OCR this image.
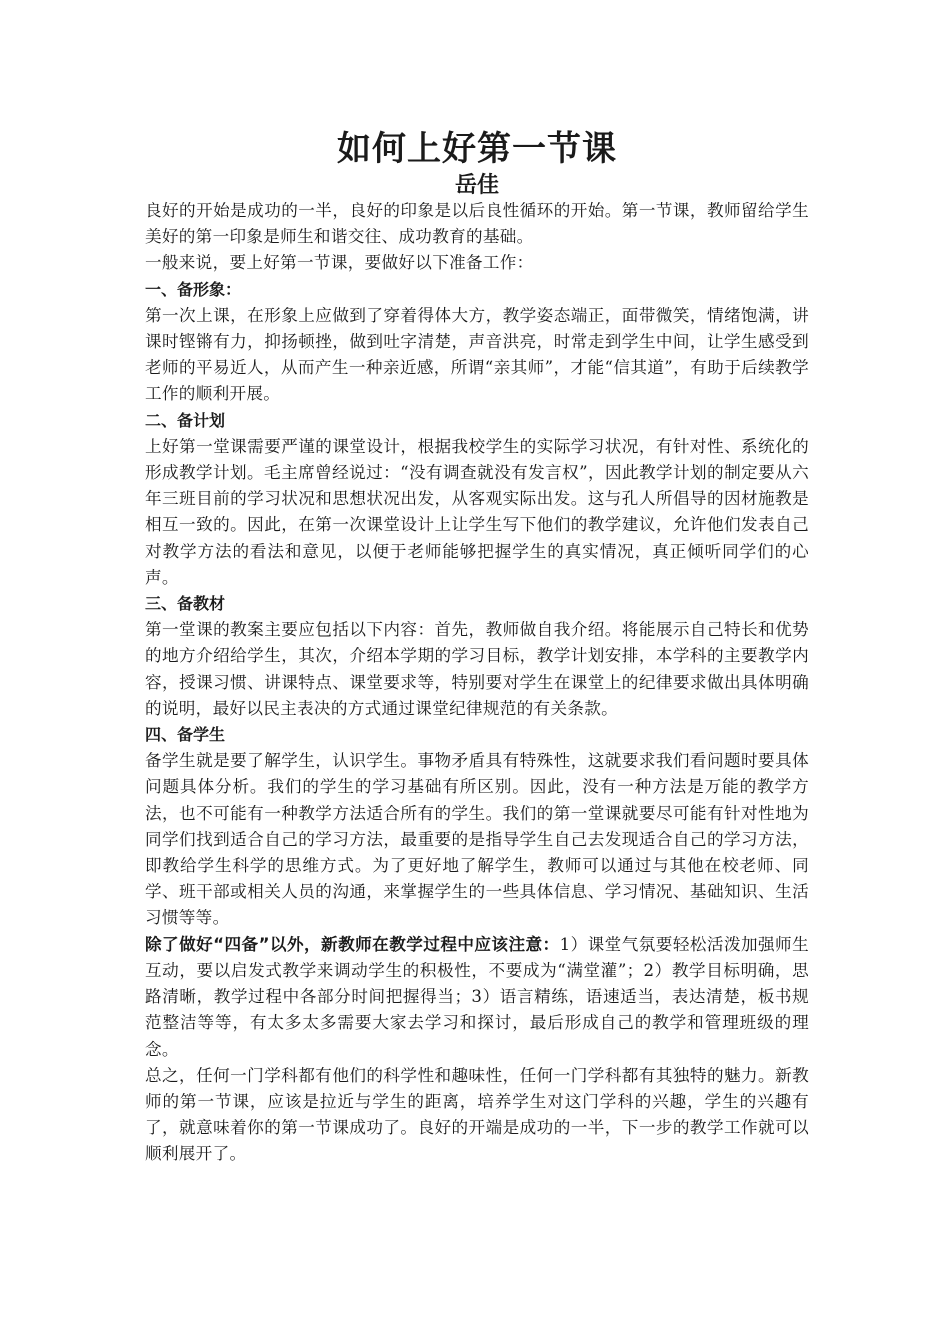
如何上好第一节课
岳佳

良好的开始是成功的一半，良好的印象是以后良性循环的开始。第一节课，教师留给学生美好的第一印象是师生和谐交往、成功教育的基础。

一般来说，要上好第一节课，要做好以下准备工作：

一、备形象：

第一次上课，在形象上应做到了穿着得体大方，教学姿态端正，面带微笑，情绪饱满，讲课时铿锵有力，抑扬顿挫，做到吐字清楚，声音洪亮，时常走到学生中间，让学生感受到老师的平易近人，从而产生一种亲近感，所谓“亲其师”，才能“信其道”，有助于后续教学工作的顺利开展。

二、备计划

上好第一堂课需要严谨的课堂设计，根据我校学生的实际学习状况，有针对性、系统化的形成教学计划。毛主席曾经说过：“没有调查就没有发言权”，因此教学计划的制定要从六年三班目前的学习状况和思想状况出发，从客观实际出发。这与孔人所倡导的因材施教是相互一致的。因此，在第一次课堂设计上让学生写下他们的教学建议，允许他们发表自己对教学方法的看法和意见，以便于老师能够把握学生的真实情况，真正倾听同学们的心声。

三、备教材

第一堂课的教案主要应包括以下内容：首先，教师做自我介绍。将能展示自己特长和优势的地方介绍给学生，其次，介绍本学期的学习目标，教学计划安排，本学科的主要教学内容，授课习惯、讲课特点、课堂要求等，特别要对学生在课堂上的纪律要求做出具体明确的说明，最好以民主表决的方式通过课堂纪律规范的有关条款。

四、备学生

备学生就是要了解学生，认识学生。事物矛盾具有特殊性，这就要求我们看问题时要具体问题具体分析。我们的学生的学习基础有所区别。因此，没有一种方法是万能的教学方法，也不可能有一种教学方法适合所有的学生。我们的第一堂课就要尽可能有针对性地为同学们找到适合自己的学习方法，最重要的是指导学生自己去发现适合自己的学习方法，即教给学生科学的思维方式。为了更好地了解学生，教师可以通过与其他在校老师、同学、班干部或相关人员的沟通，来掌握学生的一些具体信息、学习情况、基础知识、生活习惯等等。

除了做好“四备”以外，新教师在教学过程中应该注意：1）课堂气氛要轻松活泼加强师生互动，要以启发式教学来调动学生的积极性，不要成为“满堂灌”；2）教学目标明确，思路清晰，教学过程中各部分时间把握得当；3）语言精练，语速适当，表达清楚，板书规范整洁等等，有太多太多需要大家去学习和探讨，最后形成自己的教学和管理班级的理念。

总之，任何一门学科都有他们的科学性和趣味性，任何一门学科都有其独特的魅力。新教师的第一节课，应该是拉近与学生的距离，培养学生对这门学科的兴趣，学生的兴趣有了，就意味着你的第一节课成功了。良好的开端是成功的一半，下一步的教学工作就可以顺利展开了。
